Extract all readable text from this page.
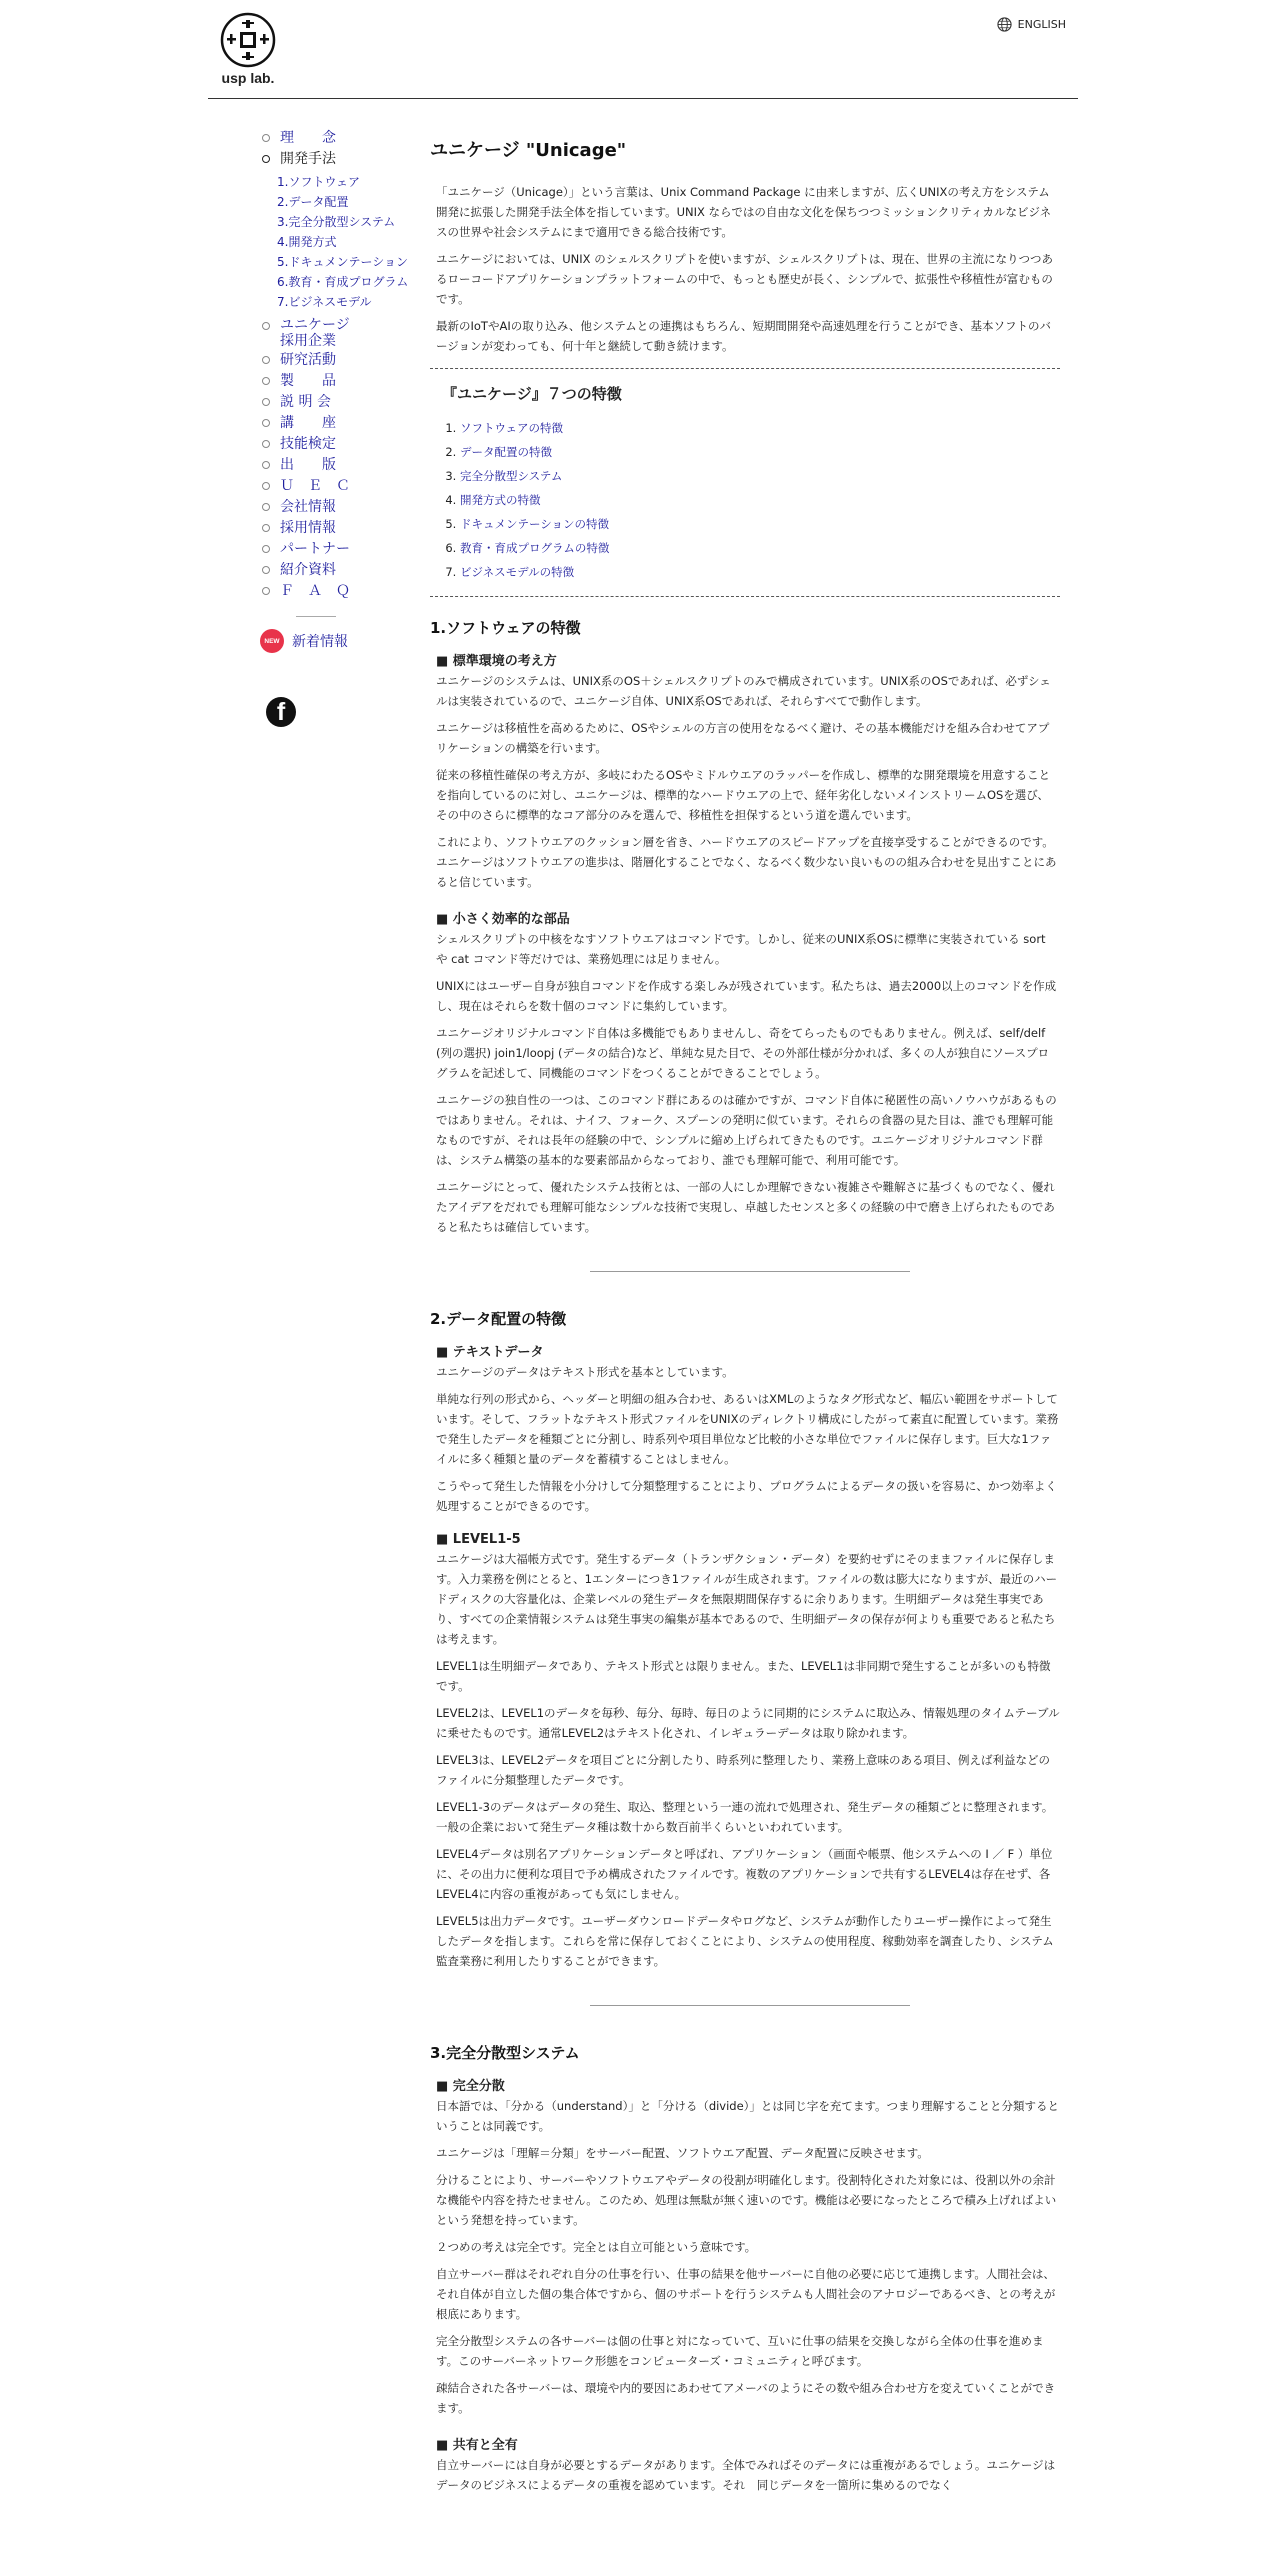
usp lab.
ENGLISH
理　　念
開発手法
1.ソフトウェア
2.データ配置
3.完全分散型システム
4.開発方式
5.ドキュメンテーション
6.教育・育成プログラム
7.ビジネスモデル
ユニケージ
採用企業
研究活動
製　　品
説 明 会
講　　座
技能検定
出　　版
Ｕ　Ｅ　Ｃ
会社情報
採用情報
パートナー
紹介資料
Ｆ　Ａ　Ｑ
NEW 新着情報
f
ユニケージ "Unicage"

「ユニケージ（Unicage）」という言葉は、Unix Command Package に由来しますが、広くUNIXの考え方をシステム開発に拡張した開発手法全体を指しています。UNIX ならではの自由な文化を保ちつつミッションクリティカルなビジネスの世界や社会システムにまで適用できる総合技術です。

ユニケージにおいては、UNIX のシェルスクリプトを使いますが、シェルスクリプトは、現在、世界の主流になりつつあるローコードアプリケーションプラットフォームの中で、もっとも歴史が長く、シンプルで、拡張性や移植性が富むものです。

最新のIoTやAIの取り込み、他システムとの連携はもちろん、短期間開発や高速処理を行うことができ、基本ソフトのバージョンが変わっても、何十年と継続して動き続けます。

『ユニケージ』７つの特徴
1. ソフトウェアの特徴
2. データ配置の特徴
3. 完全分散型システム
4. 開発方式の特徴
5. ドキュメンテーションの特徴
6. 教育・育成プログラムの特徴
7. ビジネスモデルの特徴
1.ソフトウェアの特徴
■ 標準環境の考え方

ユニケージのシステムは、UNIX系のOS＋シェルスクリプトのみで構成されています。UNIX系のOSであれば、必ずシェルは実装されているので、ユニケージ自体、UNIX系OSであれば、それらすべてで動作します。

ユニケージは移植性を高めるために、OSやシェルの方言の使用をなるべく避け、その基本機能だけを組み合わせてアプリケーションの構築を行います。

従来の移植性確保の考え方が、多岐にわたるOSやミドルウエアのラッパーを作成し、標準的な開発環境を用意することを指向しているのに対し、ユニケージは、標準的なハードウエアの上で、経年劣化しないメインストリームOSを選び、その中のさらに標準的なコア部分のみを選んで、移植性を担保するという道を選んでいます。

これにより、ソフトウエアのクッション層を省き、ハードウエアのスピードアップを直接享受することができるのです。ユニケージはソフトウエアの進歩は、階層化することでなく、なるべく数少ない良いものの組み合わせを見出すことにあると信じています。

■ 小さく効率的な部品

シェルスクリプトの中核をなすソフトウエアはコマンドです。しかし、従来のUNIX系OSに標準に実装されている sort や cat コマンド等だけでは、業務処理には足りません。

UNIXにはユーザー自身が独自コマンドを作成する楽しみが残されています。私たちは、過去2000以上のコマンドを作成し、現在はそれらを数十個のコマンドに集約しています。

ユニケージオリジナルコマンド自体は多機能でもありませんし、奇をてらったものでもありません。例えば、self/delf (列の選択) join1/loopj (データの結合)など、単純な見た目で、その外部仕様が分かれば、多くの人が独自にソースプログラムを記述して、同機能のコマンドをつくることができることでしょう。

ユニケージの独自性の一つは、このコマンド群にあるのは確かですが、コマンド自体に秘匿性の高いノウハウがあるものではありません。それは、ナイフ、フォーク、スプーンの発明に似ています。それらの食器の見た目は、誰でも理解可能なものですが、それは長年の経験の中で、シンプルに縮め上げられてきたものです。ユニケージオリジナルコマンド群は、システム構築の基本的な要素部品からなっており、誰でも理解可能で、利用可能です。

ユニケージにとって、優れたシステム技術とは、一部の人にしか理解できない複雑さや難解さに基づくものでなく、優れたアイデアをだれでも理解可能なシンプルな技術で実現し、卓越したセンスと多くの経験の中で磨き上げられたものであると私たちは確信しています。

2.データ配置の特徴
■ テキストデータ

ユニケージのデータはテキスト形式を基本としています。

単純な行列の形式から、ヘッダーと明細の組み合わせ、あるいはXMLのようなタグ形式など、幅広い範囲をサポートしています。そして、フラットなテキスト形式ファイルをUNIXのディレクトリ構成にしたがって素直に配置しています。業務で発生したデータを種類ごとに分割し、時系列や項目単位など比較的小さな単位でファイルに保存します。巨大な1ファイルに多く種類と量のデータを蓄積することはしません。

こうやって発生した情報を小分けして分類整理することにより、プログラムによるデータの扱いを容易に、かつ効率よく処理することができるのです。

■ LEVEL1-5

ユニケージは大福帳方式です。発生するデータ（トランザクション・データ）を要約せずにそのままファイルに保存します。入力業務を例にとると、1エンターにつき1ファイルが生成されます。ファイルの数は膨大になりますが、最近のハードディスクの大容量化は、企業レベルの発生データを無限期間保存するに余りあります。生明細データは発生事実であり、すべての企業情報システムは発生事実の編集が基本であるので、生明細データの保存が何よりも重要であると私たちは考えます。

LEVEL1は生明細データであり、テキスト形式とは限りません。また、LEVEL1は非同期で発生することが多いのも特徴です。

LEVEL2は、LEVEL1のデータを毎秒、毎分、毎時、毎日のように同期的にシステムに取込み、情報処理のタイムテーブルに乗せたものです。通常LEVEL2はテキスト化され、イレギュラーデータは取り除かれます。

LEVEL3は、LEVEL2データを項目ごとに分割したり、時系列に整理したり、業務上意味のある項目、例えば利益などのファイルに分類整理したデータです。

LEVEL1-3のデータはデータの発生、取込、整理という一連の流れで処理され、発生データの種類ごとに整理されます。一般の企業において発生データ種は数十から数百前半くらいといわれています。

LEVEL4データは別名アプリケーションデータと呼ばれ、アプリケーション（画面や帳票、他システムへの I ／ F ）単位に、その出力に便利な項目で予め構成されたファイルです。複数のアプリケーションで共有するLEVEL4は存在せず、各LEVEL4に内容の重複があっても気にしません。

LEVEL5は出力データです。ユーザーダウンロードデータやログなど、システムが動作したりユーザー操作によって発生したデータを指します。これらを常に保存しておくことにより、システムの使用程度、稼動効率を調査したり、システム監査業務に利用したりすることができます。

3.完全分散型システム
■ 完全分散

日本語では、「分かる（understand）」と「分ける（divide）」とは同じ字を充てます。つまり理解することと分類するということは同義です。

ユニケージは「理解＝分類」をサーバー配置、ソフトウエア配置、データ配置に反映させます。

分けることにより、サーバーやソフトウエアやデータの役割が明確化します。役割特化された対象には、役割以外の余計な機能や内容を持たせません。このため、処理は無駄が無く速いのです。機能は必要になったところで積み上げればよいという発想を持っています。

２つめの考えは完全です。完全とは自立可能という意味です。

自立サーバー群はそれぞれ自分の仕事を行い、仕事の結果を他サーバーに自他の必要に応じて連携します。人間社会は、それ自体が自立した個の集合体ですから、個のサポートを行うシステムも人間社会のアナロジーであるべき、との考えが根底にあります。

完全分散型システムの各サーバーは個の仕事と対になっていて、互いに仕事の結果を交換しながら全体の仕事を進めます。このサーバーネットワーク形態をコンピューターズ・コミュニティと呼びます。

疎結合された各サーバーは、環境や内的要因にあわせてアメーバのようにその数や組み合わせ方を変えていくことができます。

■ 共有と全有

自立サーバーには自身が必要とするデータがあります。全体でみればそのデータには重複があるでしょう。ユニケージはデータのビジネスによるデータの重複を認めています。それ　同じデータを一箇所に集めるのでなく
